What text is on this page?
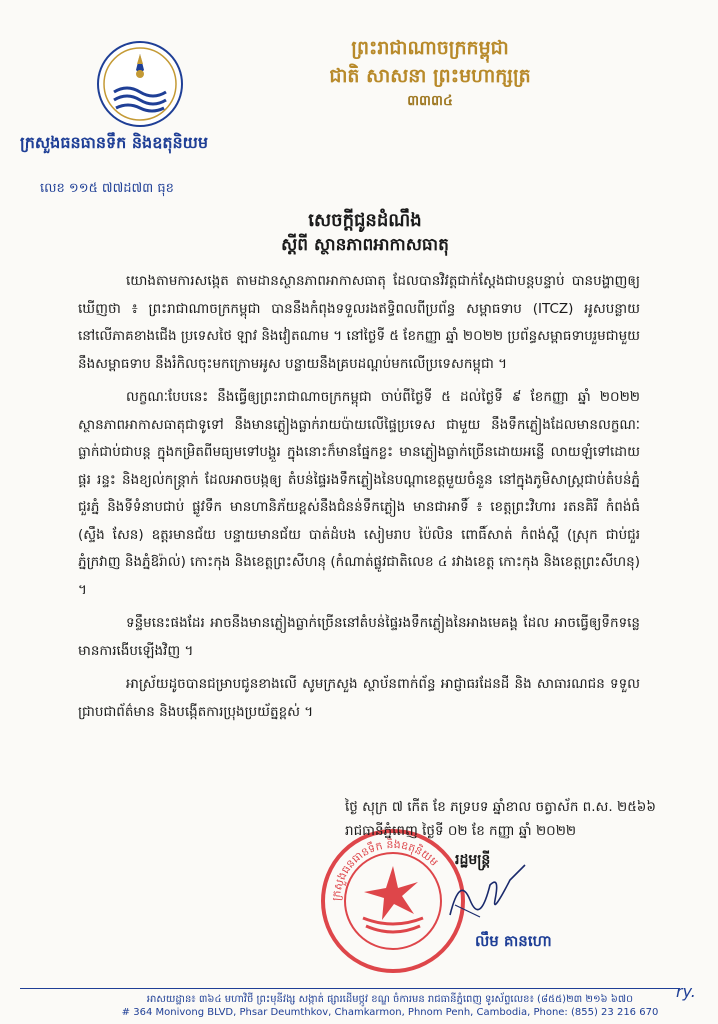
ក្រសួងធនធានទឹក និងឧតុនិយម
លេខ ១១៥ ៧៧ដ៧៣ ធុខ
ព្រះរាជាណាចក្រកម្ពុជា
ជាតិ សាសនា ព្រះមហាក្សត្រ
៣៣៣៤
សេចក្ដីជូនដំណឹង
ស្ដីពី ស្ថានភាពអាកាសធាតុ

យោងតាមការសង្កេត តាមដានស្ថានភាពអាកាសធាតុ ដែលបានវិវត្តជាក់ស្ដែងជាបន្តបន្ទាប់ បានបង្ហាញឲ្យឃើញថា ៖ ព្រះរាជាណាចក្រកម្ពុជា បាននឹងកំពុងទទួលរងឥទ្ធិពលពីប្រព័ន្ធ សម្ពាធទាប (ITCZ) អូសបន្លាយនៅលើភាគខាងជើង ប្រទេសថៃ ឡាវ និងវៀតណាម ។ នៅថ្ងៃទី ៥ ខែកញ្ញា ឆ្នាំ ២០២២ ប្រព័ន្ធសម្ពាធទាបរួមជាមួយនឹងសម្ពាធទាប នឹងរំកិលចុះមកក្រោមអូស បន្លាយនឹងគ្របដណ្ដប់មកលើប្រទេសកម្ពុជា ។

លក្ខណៈបែបនេះ នឹងធ្វើឲ្យព្រះរាជាណាចក្រកម្ពុជា ចាប់ពីថ្ងៃទី ៥ ដល់ថ្ងៃទី ៩ ខែកញ្ញា ឆ្នាំ ២០២២ ស្ថានភាពអាកាសធាតុជាទូទៅ នឹងមានភ្លៀងធ្លាក់រាយប៉ាយលើផ្ទៃប្រទេស ជាមួយ នឹងទឹកភ្លៀងដែលមានលក្ខណៈធ្លាក់ជាប់ជាបន្ត ក្នុងកម្រិតពីមធ្យមទៅបង្គួរ ក្នុងនោះក៏មានផ្នែកខ្លះ មានភ្លៀងធ្លាក់ច្រើនដោយអន្លើ លាយឡំទៅដោយផ្គរ រន្ទះ និងខ្យល់កន្ត្រាក់ ដែលអាចបង្កឲ្យ តំបន់ផ្ទៃរងទឹកភ្លៀងនៃបណ្ដាខេត្តមួយចំនួន នៅក្នុងភូមិសាស្ត្រជាប់តំបន់ភ្នំ ជួរភ្នំ និងទីទំនាបជាប់ ផ្លូវទឹក មានហានិភ័យខ្ពស់នឹងជំនន់ទឹកភ្លៀង មានជាអាទិ៍ ៖ ខេត្តព្រះវិហារ រតនគិរី កំពង់ធំ (ស្ទឹង សែន) ឧត្ដរមានជ័យ បន្ទាយមានជ័យ បាត់ដំបង សៀមរាប ប៉ៃលិន ពោធិ៍សាត់ កំពង់ស្ពឺ (ស្រុក ជាប់ជួរភ្នំក្រវាញ និងភ្នំឱរ៉ាល់) កោះកុង និងខេត្តព្រះសីហនុ (កំណាត់ផ្លូវជាតិលេខ ៤ រវាងខេត្ត កោះកុង និងខេត្តព្រះសីហនុ) ។

ទន្ទឹមនេះផងដែរ អាចនឹងមានភ្លៀងធ្លាក់ច្រើននៅតំបន់ផ្ទៃរងទឹកភ្លៀងនៃអាងមេគង្គ ដែល អាចធ្វើឲ្យទឹកទន្លេ មានការងើបឡើងវិញ ។

អាស្រ័យដូចបានជម្រាបជូនខាងលើ សូមក្រសួង ស្ថាប័នពាក់ព័ន្ធ អាជ្ញាធរដែនដី និង សាធារណជន ទទួលជ្រាបជាព័ត៌មាន និងបង្កើតការប្រុងប្រយ័ត្នខ្ពស់ ។

ក្រសួងធនធានទឹក និងឧតុនិយម
ថ្ងៃ សុក្រ ៧ កើត ខែ ភទ្របទ ឆ្នាំខាល ចត្វាស័ក ព.ស. ២៥៦៦
រាជធានីភ្នំពេញ ថ្ងៃទី ០២ ខែ កញ្ញា ឆ្នាំ ២០២២
រដ្ឋមន្ត្រី
លឹម គានហោ
អាសយដ្ឋាន៖ ៣៦៤ មហាវិថី ព្រះមុនីវង្ស សង្កាត់ ផ្សារដើមថ្កូវ ខណ្ឌ ចំការមន រាជធានីភ្នំពេញ ទូរស័ព្ទលេខ៖ (៨៥៥)២៣ ២១៦ ៦៧០
# 364 Monivong BLVD, Phsar Deumthkov, Chamkarmon, Phnom Penh, Cambodia, Phone: (855) 23 216 670
ry.
